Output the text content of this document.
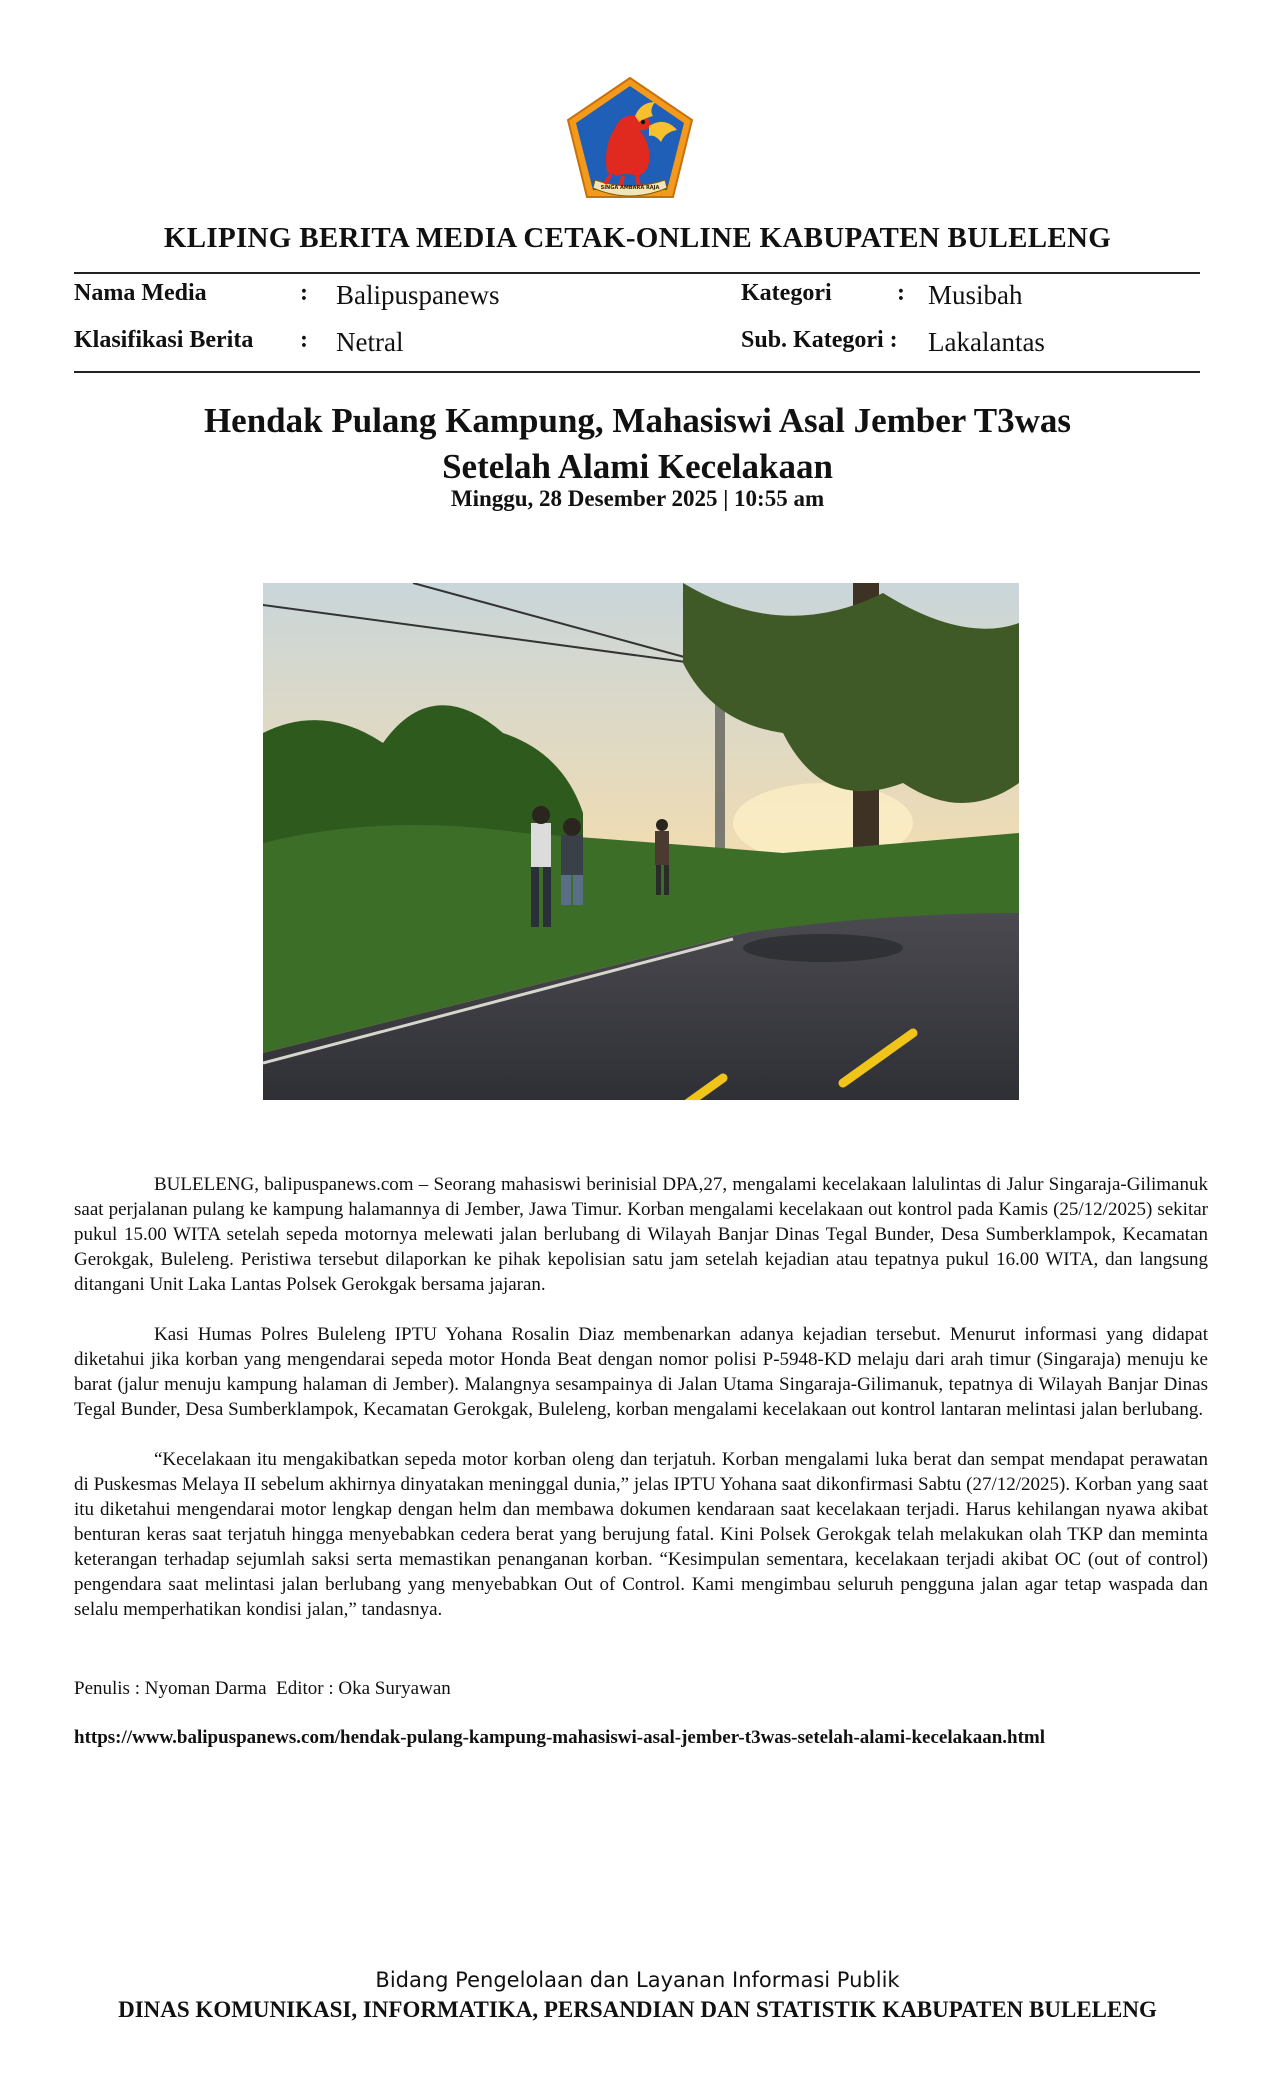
SINGA AMBARA RAJA
KLIPING BERITA MEDIA CETAK-ONLINE KABUPATEN BULELENG
Nama Media	: Balipuspanews	Kategori	: Musibah
Klasifikasi Berita : Netral	Sub. Kategori : Lakalantas
Hendak Pulang Kampung, Mahasiswi Asal Jember T3was
Setelah Alami Kecelakaan
Minggu, 28 Desember 2025 | 10:55 am

BULELENG, balipuspanews.com – Seorang mahasiswi berinisial DPA,27, mengalami kecelakaan lalulintas di Jalur Singaraja-Gilimanuk saat perjalanan pulang ke kampung halamannya di Jember, Jawa Timur. Korban mengalami kecelakaan out kontrol pada Kamis (25/12/2025) sekitar pukul 15.00 WITA setelah sepeda motornya melewati jalan berlubang di Wilayah Banjar Dinas Tegal Bunder, Desa Sumberklampok, Kecamatan Gerokgak, Buleleng. Peristiwa tersebut dilaporkan ke pihak kepolisian satu jam setelah kejadian atau tepatnya pukul 16.00 WITA, dan langsung ditangani Unit Laka Lantas Polsek Gerokgak bersama jajaran.

Kasi Humas Polres Buleleng IPTU Yohana Rosalin Diaz membenarkan adanya kejadian tersebut. Menurut informasi yang didapat diketahui jika korban yang mengendarai sepeda motor Honda Beat dengan nomor polisi P-5948-KD melaju dari arah timur (Singaraja) menuju ke barat (jalur menuju kampung halaman di Jember). Malangnya sesampainya di Jalan Utama Singaraja-Gilimanuk, tepatnya di Wilayah Banjar Dinas Tegal Bunder, Desa Sumberklampok, Kecamatan Gerokgak, Buleleng, korban mengalami kecelakaan out kontrol lantaran melintasi jalan berlubang.

“Kecelakaan itu mengakibatkan sepeda motor korban oleng dan terjatuh. Korban mengalami luka berat dan sempat mendapat perawatan di Puskesmas Melaya II sebelum akhirnya dinyatakan meninggal dunia,” jelas IPTU Yohana saat dikonfirmasi Sabtu (27/12/2025). Korban yang saat itu diketahui mengendarai motor lengkap dengan helm dan membawa dokumen kendaraan saat kecelakaan terjadi. Harus kehilangan nyawa akibat benturan keras saat terjatuh hingga menyebabkan cedera berat yang berujung fatal. Kini Polsek Gerokgak telah melakukan olah TKP dan meminta keterangan terhadap sejumlah saksi serta memastikan penanganan korban. “Kesimpulan sementara, kecelakaan terjadi akibat OC (out of control) pengendara saat melintasi jalan berlubang yang menyebabkan Out of Control. Kami mengimbau seluruh pengguna jalan agar tetap waspada dan selalu memperhatikan kondisi jalan,” tandasnya.

Penulis : Nyoman Darma  Editor : Oka Suryawan
https://www.balipuspanews.com/hendak-pulang-kampung-mahasiswi-asal-jember-t3was-setelah-alami-kecelakaan.html
Bidang Pengelolaan dan Layanan Informasi Publik
DINAS KOMUNIKASI, INFORMATIKA, PERSANDIAN DAN STATISTIK KABUPATEN BULELENG
